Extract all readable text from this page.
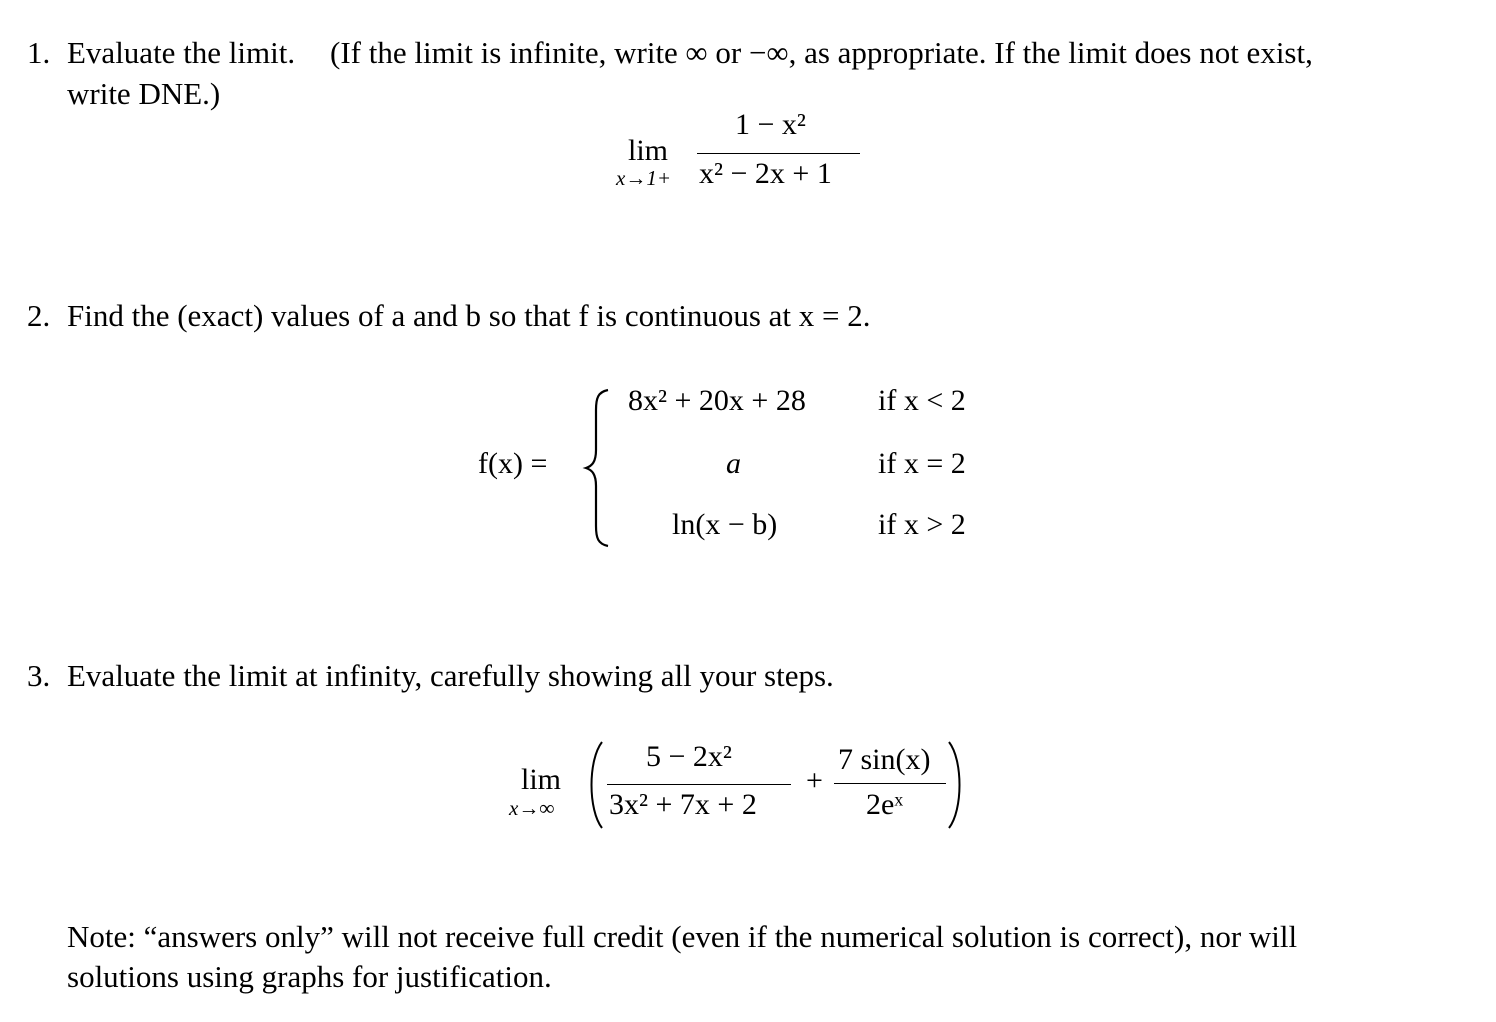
1. Evaluate the limit. (If the limit is infinite, write ∞ or −∞, as appropriate. If the limit does not exist,
write DNE.)
lim
x→1+
1 − x²
x² − 2x + 1
2. Find the (exact) values of a and b so that f is continuous at x = 2.
f(x) =
8x² + 20x + 28 if x < 2
a	if x = 2
ln(x − b)	if x > 2
3. Evaluate the limit at infinity, carefully showing all your steps.
lim
x→∞
5 − 2x²
3x² + 7x + 2
+
7 sin(x)
2eˣ
Note: “answers only” will not receive full credit (even if the numerical solution is correct), nor will
solutions using graphs for justification.
